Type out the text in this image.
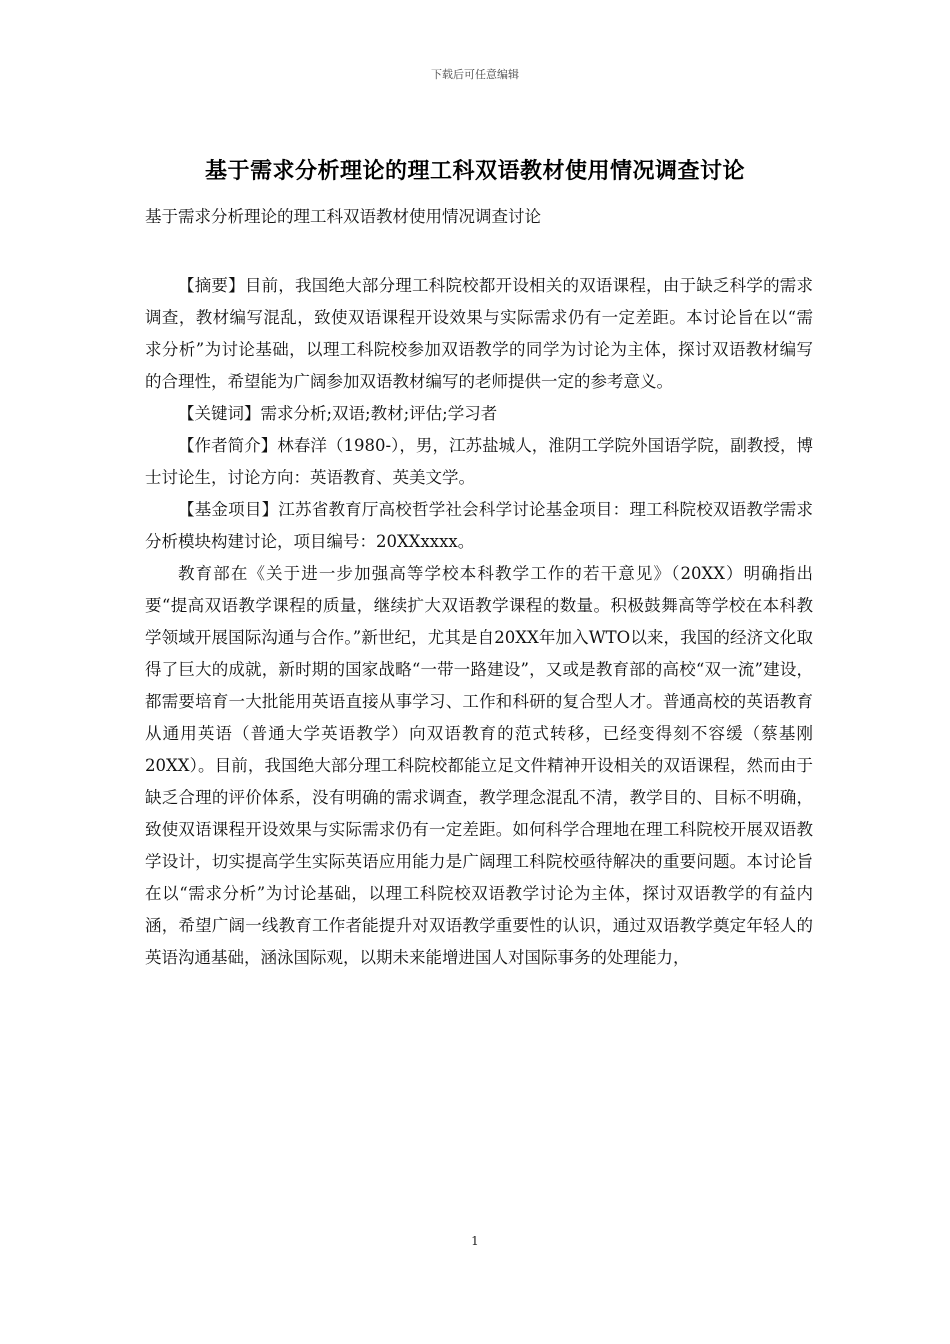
下载后可任意编辑
基于需求分析理论的理工科双语教材使用情况调查讨论
基于需求分析理论的理工科双语教材使用情况调查讨论

【摘要】目前，我国绝大部分理工科院校都开设相关的双语课程，由于缺乏科学的需求调查，教材编写混乱，致使双语课程开设效果与实际需求仍有一定差距。本讨论旨在以“需求分析”为讨论基础，以理工科院校参加双语教学的同学为讨论为主体，探讨双语教材编写的合理性，希望能为广阔参加双语教材编写的老师提供一定的参考意义。

【关键词】需求分析;双语;教材;评估;学习者

【作者简介】林春洋（1980-），男，江苏盐城人，淮阴工学院外国语学院，副教授，博士讨论生，讨论方向：英语教育、英美文学。

【基金项目】江苏省教育厅高校哲学社会科学讨论基金项目：理工科院校双语教学需求分析模块构建讨论，项目编号：20XXxxxx。

教育部在《关于进一步加强高等学校本科教学工作的若干意见》（20XX）明确指出要“提高双语教学课程的质量，继续扩大双语教学课程的数量。积极鼓舞高等学校在本科教学领域开展国际沟通与合作。”新世纪，尤其是自20XX年加入WTO以来，我国的经济文化取得了巨大的成就，新时期的国家战略“一带一路建设”，又或是教育部的高校“双一流”建设，都需要培育一大批能用英语直接从事学习、工作和科研的复合型人才。普通高校的英语教育从通用英语（普通大学英语教学）向双语教育的范式转移，已经变得刻不容缓（蔡基刚20XX）。目前，我国绝大部分理工科院校都能立足文件精神开设相关的双语课程，然而由于缺乏合理的评价体系，没有明确的需求调查，教学理念混乱不清，教学目的、目标不明确，致使双语课程开设效果与实际需求仍有一定差距。如何科学合理地在理工科院校开展双语教学设计，切实提高学生实际英语应用能力是广阔理工科院校亟待解决的重要问题。本讨论旨在以“需求分析”为讨论基础，以理工科院校双语教学讨论为主体，探讨双语教学的有益内涵，希望广阔一线教育工作者能提升对双语教学重要性的认识，通过双语教学奠定年轻人的英语沟通基础，涵泳国际观，以期未来能增进国人对国际事务的处理能力，

1
